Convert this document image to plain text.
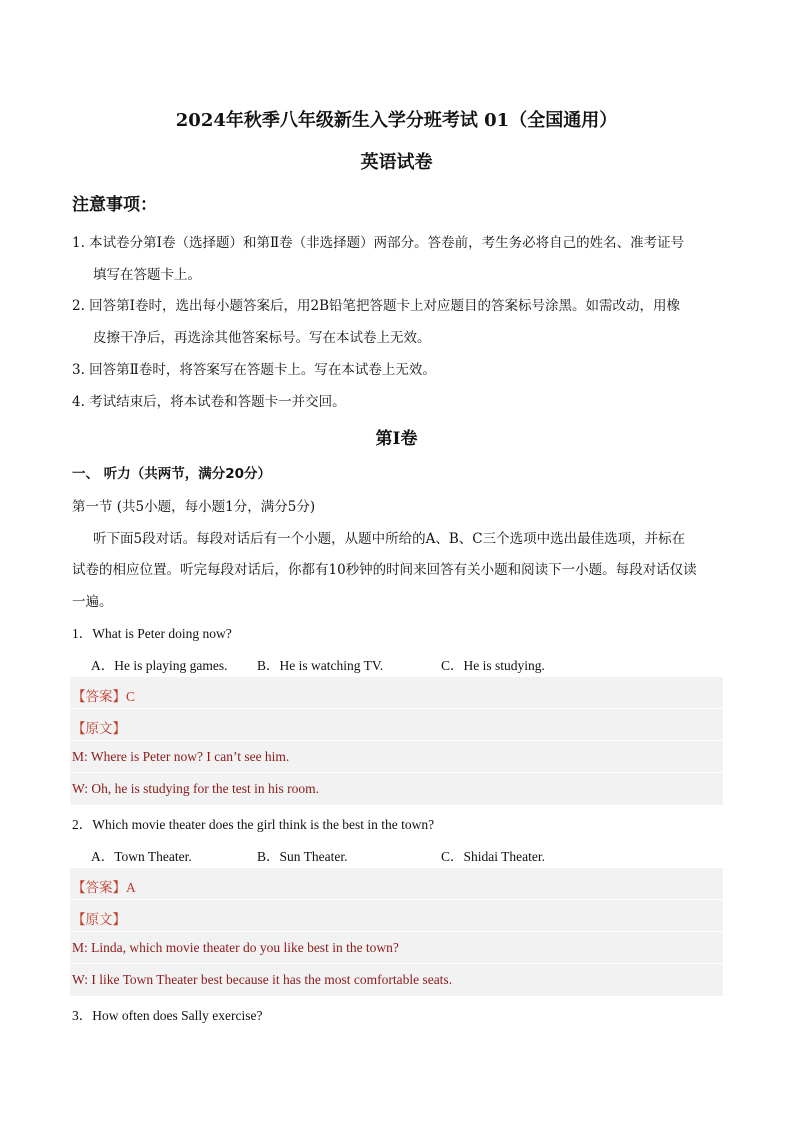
2024年秋季八年级新生入学分班考试 01（全国通用）
英语试卷
注意事项：
1. 本试卷分第Ⅰ卷（选择题）和第Ⅱ卷（非选择题）两部分。答卷前，考生务必将自己的姓名、准考证号
填写在答题卡上。
2. 回答第Ⅰ卷时，选出每小题答案后，用2B铅笔把答题卡上对应题目的答案标号涂黑。如需改动，用橡
皮擦干净后，再选涂其他答案标号。写在本试卷上无效。
3. 回答第Ⅱ卷时，将答案写在答题卡上。写在本试卷上无效。
4. 考试结束后，将本试卷和答题卡一并交回。
第Ⅰ卷
一、 听力（共两节，满分20分）
第一节 (共5小题，每小题1分，满分5分)
听下面5段对话。每段对话后有一个小题，从题中所给的A、B、C三个选项中选出最佳选项，并标在
试卷的相应位置。听完每段对话后，你都有10秒钟的时间来回答有关小题和阅读下一小题。每段对话仅读
一遍。
1．What is Peter doing now?
A．He is playing games. B．He is watching TV.	C．He is studying.
【答案】C
【原文】
M: Where is Peter now? I can’t see him.
W: Oh, he is studying for the test in his room.
2．Which movie theater does the girl think is the best in the town?
A．Town Theater.	B．Sun Theater.	C．Shidai Theater.
【答案】A
【原文】
M: Linda, which movie theater do you like best in the town?
W: I like Town Theater best because it has the most comfortable seats.
3．How often does Sally exercise?
